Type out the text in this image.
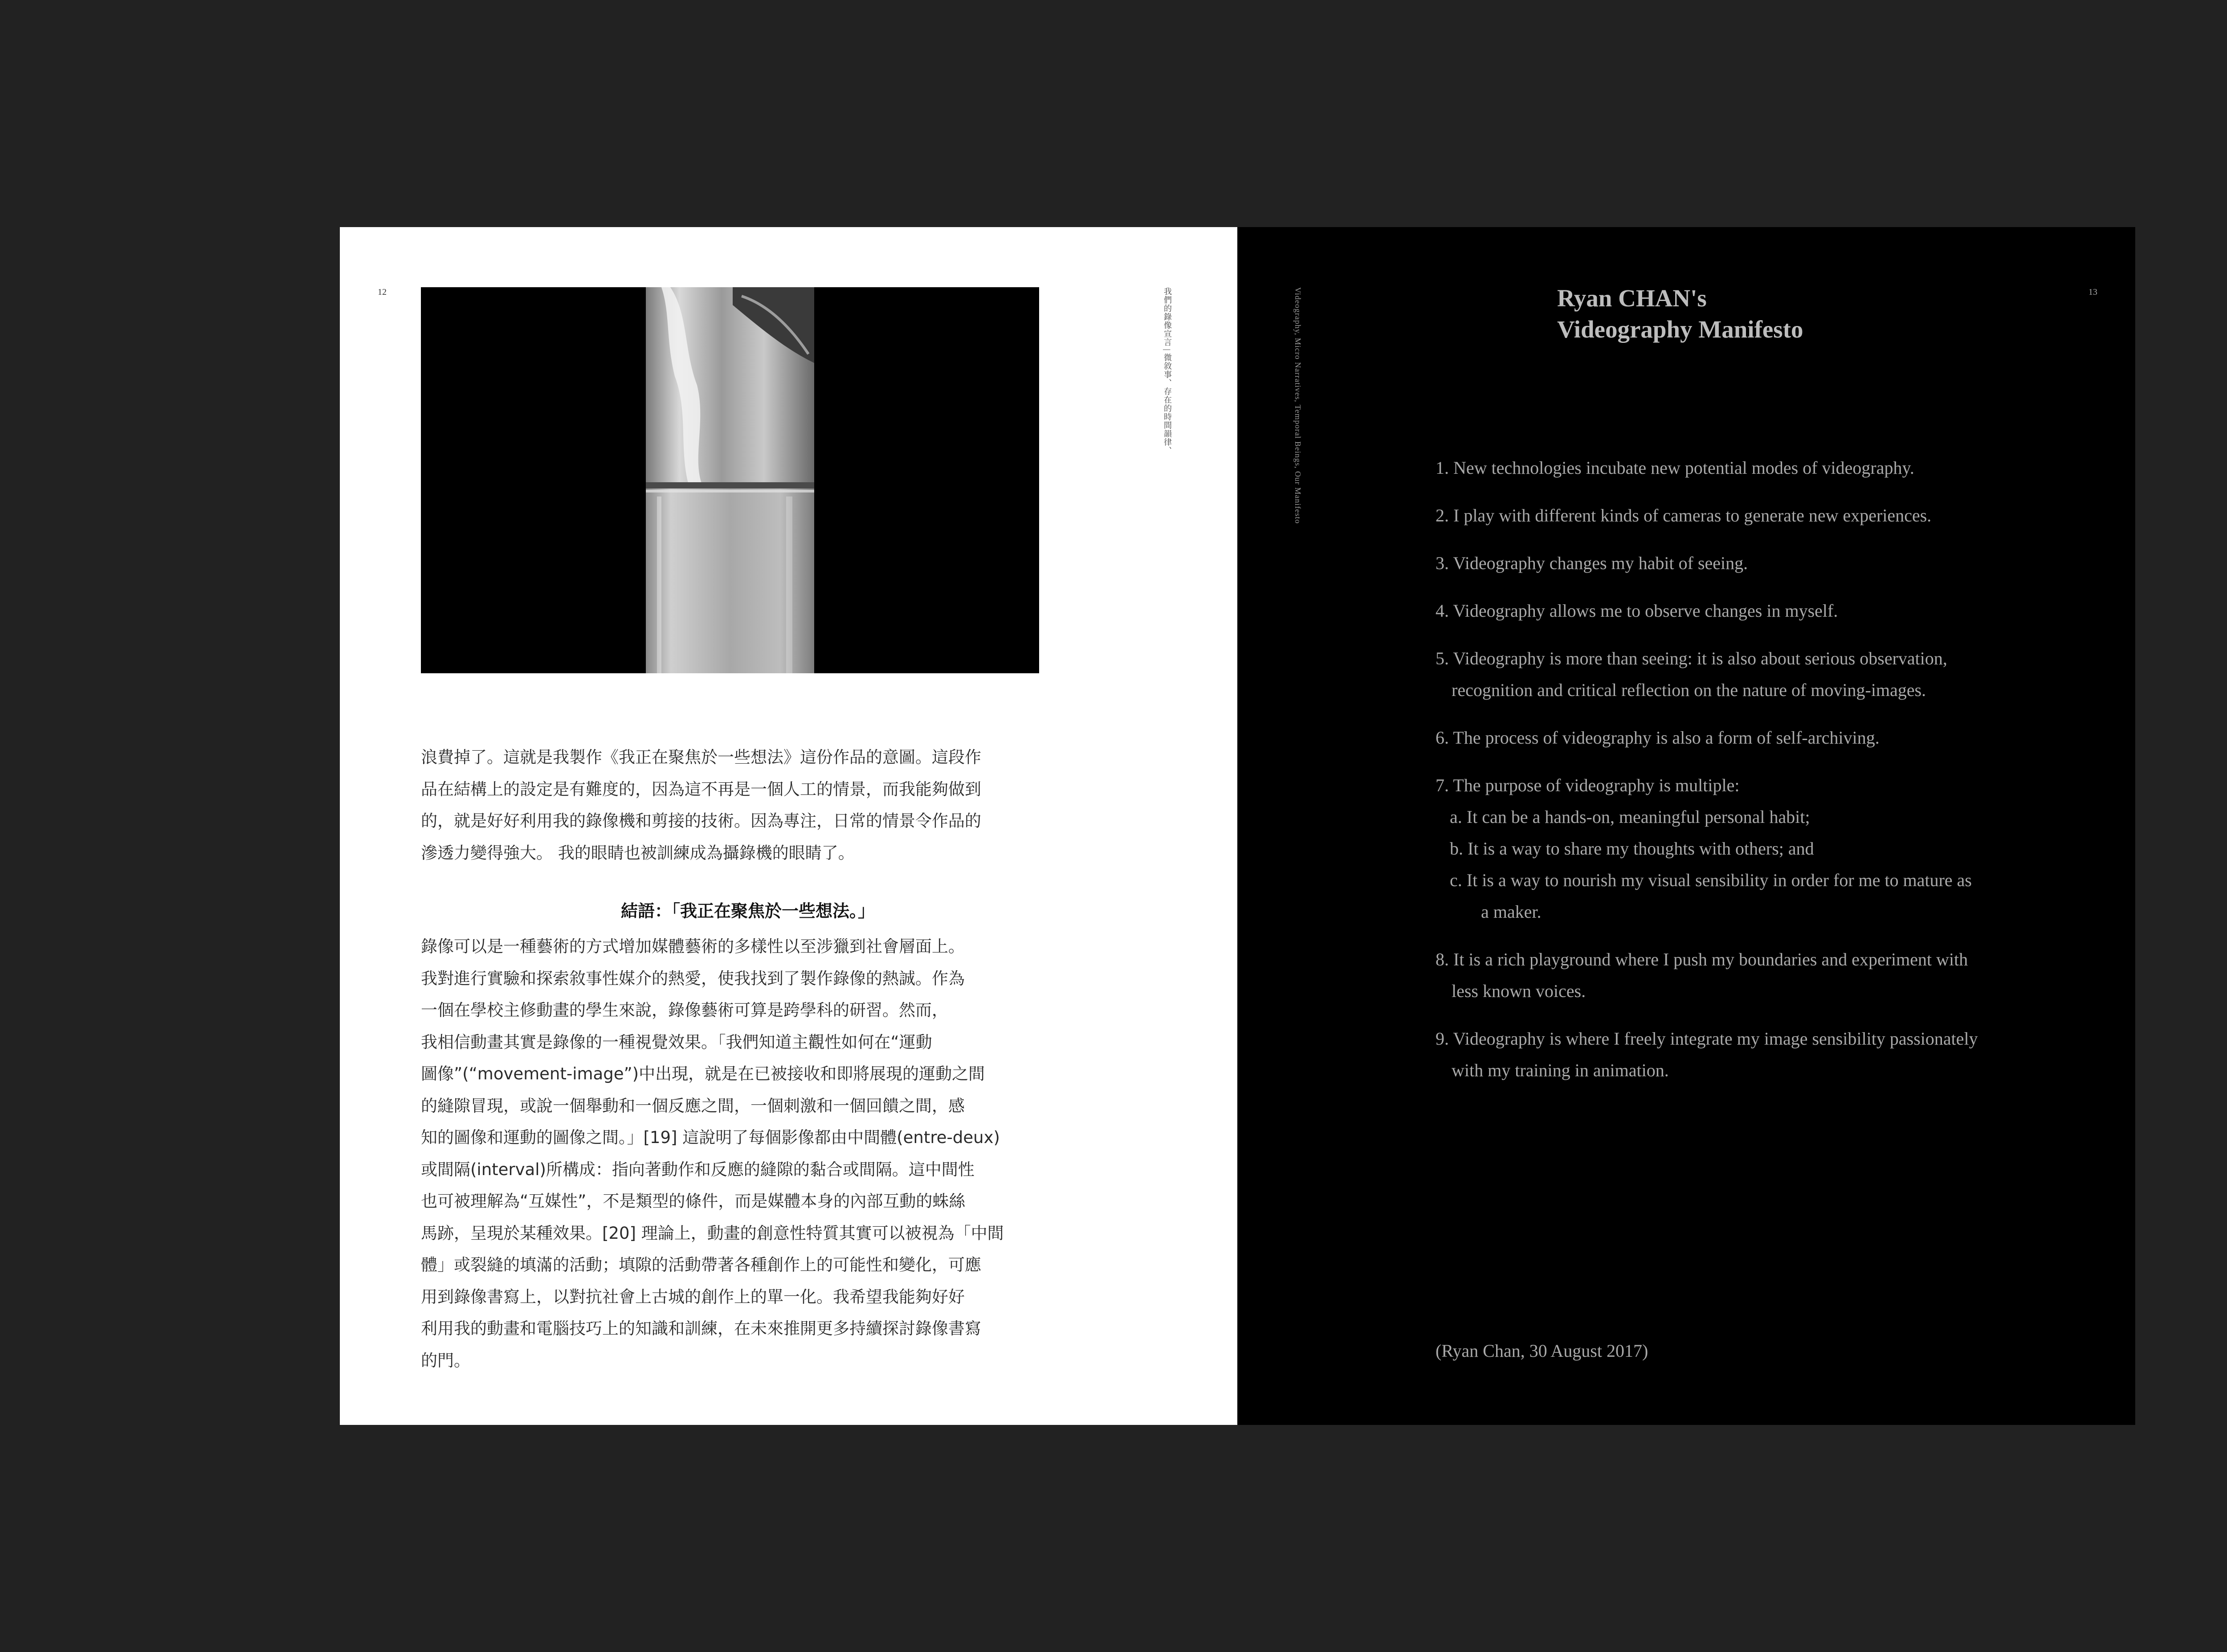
12	我們的錄像宣言 | 微敘事、存在的時間韻律、
浪費掉了。這就是我製作《我正在聚焦於一些想法》這份作品的意圖。這段作
品在結構上的設定是有難度的，因為這不再是一個人工的情景，而我能夠做到
的，就是好好利用我的錄像機和剪接的技術。因為專注，日常的情景令作品的
滲透力變得強大。 我的眼睛也被訓練成為攝錄機的眼睛了。
結語：「我正在聚焦於一些想法。」
錄像可以是一種藝術的方式增加媒體藝術的多樣性以至涉獵到社會層面上。
我對進行實驗和探索敘事性媒介的熱愛，使我找到了製作錄像的熱誠。作為
一個在學校主修動畫的學生來說，錄像藝術可算是跨學科的研習。然而，
我相信動畫其實是錄像的一種視覺效果。「我們知道主觀性如何在“運動
圖像”(“movement-image”)中出現，就是在已被接收和即將展現的運動之間
的縫隙冒現，或說一個舉動和一個反應之間，一個刺激和一個回饋之間，感
知的圖像和運動的圖像之間。」[19] 這說明了每個影像都由中間體(entre-deux)
或間隔(interval)所構成：指向著動作和反應的縫隙的黏合或間隔。這中間性
也可被理解為“互媒性”，不是類型的條件，而是媒體本身的內部互動的蛛絲
馬跡，呈現於某種效果。[20] 理論上，動畫的創意性特質其實可以被視為「中間
體」或裂縫的填滿的活動；填隙的活動帶著各種創作上的可能性和變化，可應
用到錄像書寫上，以對抗社會上古城的創作上的單一化。我希望我能夠好好
利用我的動畫和電腦技巧上的知識和訓練，在未來推開更多持續探討錄像書寫
的門。
13
Videography, Micro Narratives, Temporal Beings, Our Manifesto	Ryan CHAN's
Videography Manifesto
1. New technologies incubate new potential modes of videography.
2. I play with different kinds of cameras to generate new experiences.
3. Videography changes my habit of seeing.
4. Videography allows me to observe changes in myself.
5. Videography is more than seeing: it is also about serious observation,
recognition and critical reflection on the nature of moving-images.
6. The process of videography is also a form of self-archiving.
7. The purpose of videography is multiple:
a. It can be a hands-on, meaningful personal habit;
b. It is a way to share my thoughts with others; and
c. It is a way to nourish my visual sensibility in order for me to mature as
a maker.
8. It is a rich playground where I push my boundaries and experiment with
less known voices.
9. Videography is where I freely integrate my image sensibility passionately
with my training in animation.
(Ryan Chan, 30 August 2017)
